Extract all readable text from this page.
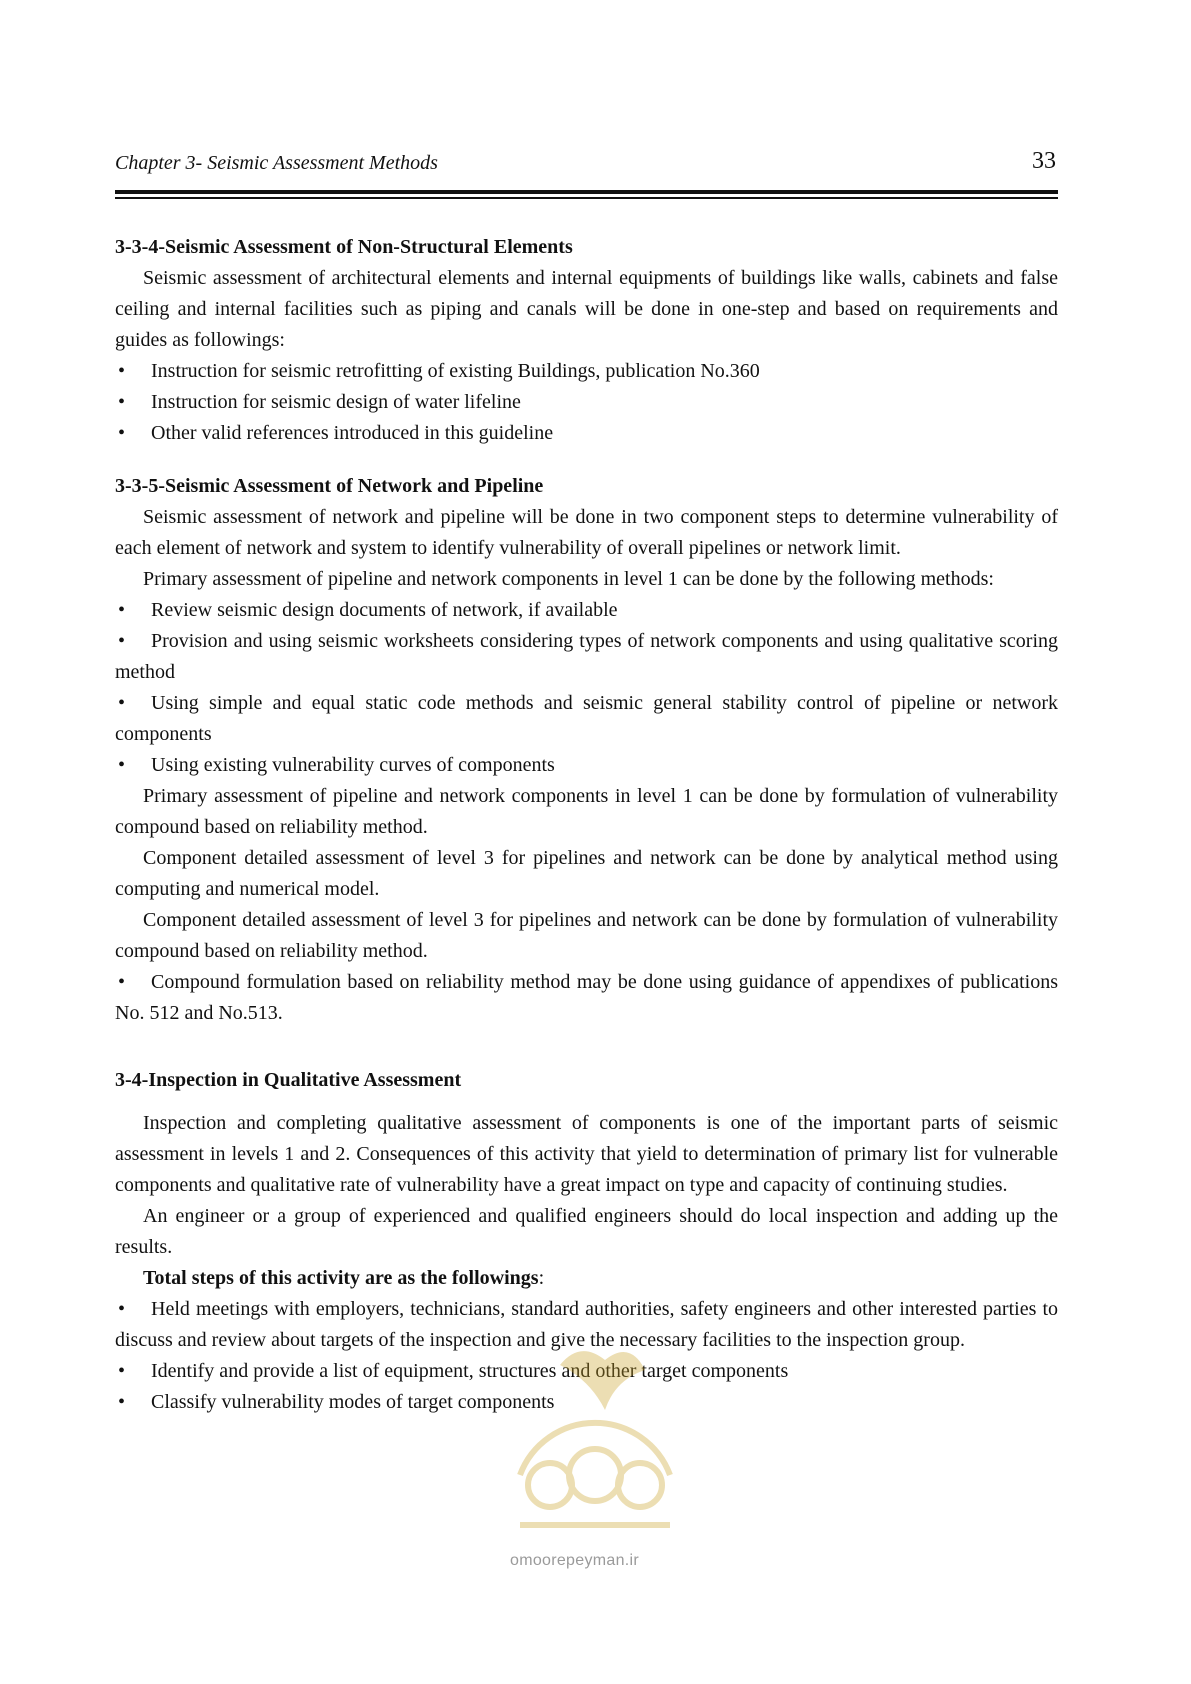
Chapter 3- Seismic Assessment Methods	33
3-3-4-Seismic Assessment of Non-Structural Elements

Seismic assessment of architectural elements and internal equipments of buildings like walls, cabinets and false ceiling and internal facilities such as piping and canals will be done in one-step and based on requirements and guides as followings:

• Instruction for seismic retrofitting of existing Buildings, publication No.360
• Instruction for seismic design of water lifeline
• Other valid references introduced in this guideline
3-3-5-Seismic Assessment of Network and Pipeline

Seismic assessment of network and pipeline will be done in two component steps to determine vulnerability of each element of network and system to identify vulnerability of overall pipelines or network limit.

Primary assessment of pipeline and network components in level 1 can be done by the following methods:

• Review seismic design documents of network, if available
• Provision and using seismic worksheets considering types of network components and using qualitative scoring method
• Using simple and equal static code methods and seismic general stability control of pipeline or network components
• Using existing vulnerability curves of components

Primary assessment of pipeline and network components in level 1 can be done by formulation of vulnerability compound based on reliability method.

Component detailed assessment of level 3 for pipelines and network can be done by analytical method using computing and numerical model.

Component detailed assessment of level 3 for pipelines and network can be done by formulation of vulnerability compound based on reliability method.

• Compound formulation based on reliability method may be done using guidance of appendixes of publications No. 512 and No.513.
3-4-Inspection in Qualitative Assessment

Inspection and completing qualitative assessment of components is one of the important parts of seismic assessment in levels 1 and 2. Consequences of this activity that yield to determination of primary list for vulnerable components and qualitative rate of vulnerability have a great impact on type and capacity of continuing studies.

An engineer or a group of experienced and qualified engineers should do local inspection and adding up the results.

Total steps of this activity are as the followings:

• Held meetings with employers, technicians, standard authorities, safety engineers and other interested parties to discuss and review about targets of the inspection and give the necessary facilities to the inspection group.
• Identify and provide a list of equipment, structures and other target components
• Classify vulnerability modes of target components
omoorepeyman.ir
